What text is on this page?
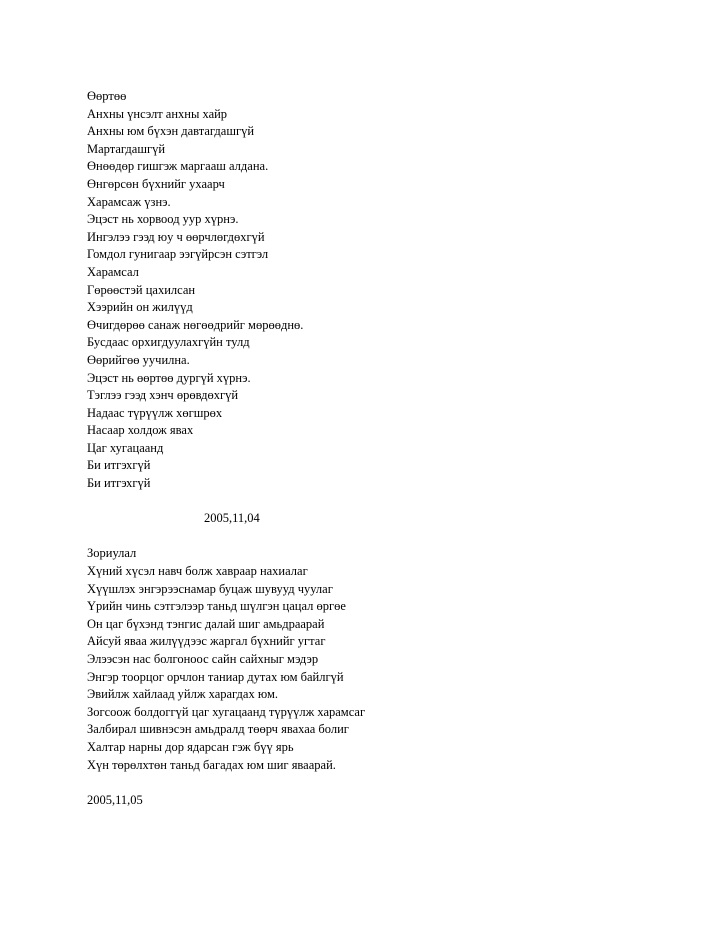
Өөртөө
Анхны үнсэлт анхны хайр
Анхны юм бүхэн давтагдашгүй
Мартагдашгүй
Өнөөдөр гишгэж маргааш алдана.
Өнгөрсөн бүхнийг ухаарч
Харамсаж үзнэ.
Эцэст нь хорвоод уур хүрнэ.
Ингэлээ гээд юу ч өөрчлөгдөхгүй
Гомдол гунигаар ээгүйрсэн сэтгэл
Харамсал
Гөрөөстэй цахилсан
Хээрийн он жилүүд
Өчигдөрөө санаж нөгөөдрийг мөрөөднө.
Бусдаас орхигдуулахгүйн тулд
Өөрийгөө уучилна.
Эцэст нь өөртөө дургүй хүрнэ.
Тэглээ гээд хэнч өрөвдөхгүй
Надаас түрүүлж хөгшрөх
Насаар холдож явах
Цаг хугацаанд
Би итгэхгүй
Би итгэхгүй
2005,11,04
Зориулал
Хүний хүсэл навч болж хавраар нахиалаг
Хүүшлэх энгэрээснамар буцаж шувууд чуулаг
Үрийн чинь сэтгэлээр таньд шүлгэн цацал өргөе
Он цаг бүхэнд тэнгис далай шиг амьдраарай
Айсуй яваа жилүүдээс жаргал бүхнийг угтаг
Элээсэн нас болгоноос сайн сайхныг мэдэр
Энгэр тоорцог орчлон таниар дутах юм байлгүй
Эвийлж хайлаад уйлж харагдах юм.
Зогсоож болдоггүй цаг хугацаанд түрүүлж харамсаг
Залбирал шивнэсэн амьдралд төөрч явахаа болиг
Халтар нарны дор ядарсан гэж бүү ярь
Хүн төрөлхтөн таньд багадах юм шиг яваарай.
2005,11,05
